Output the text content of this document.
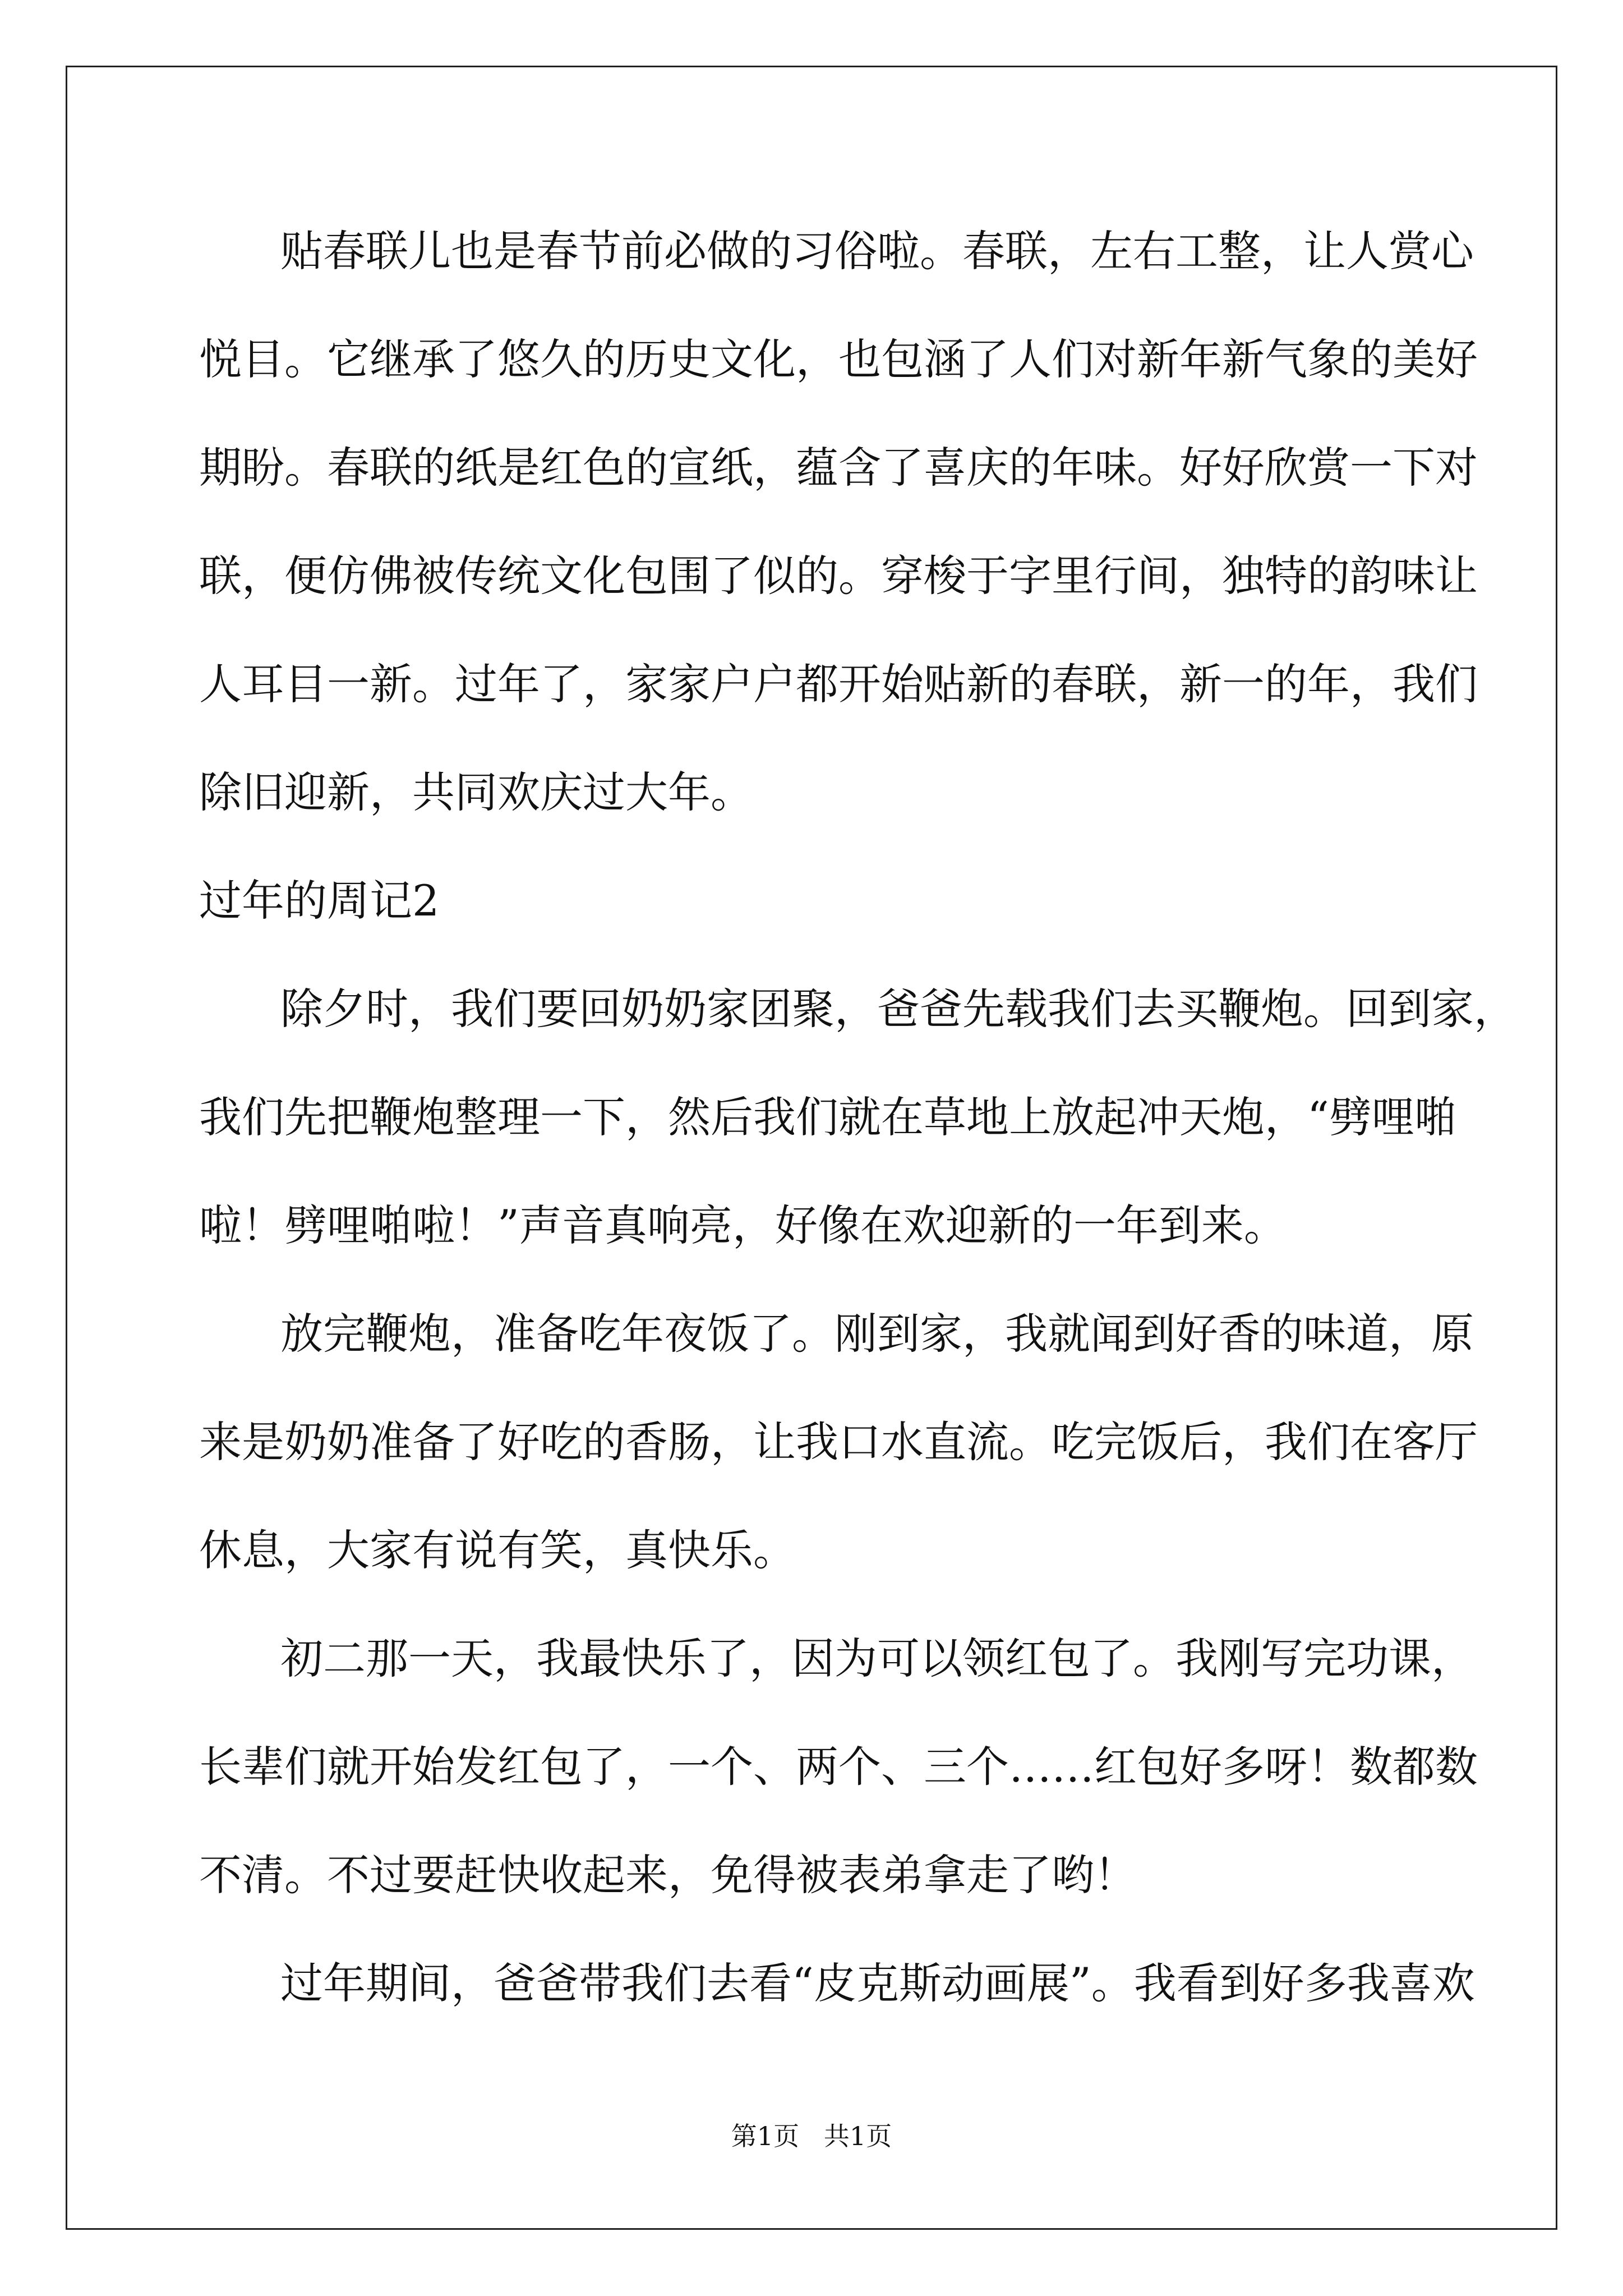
贴春联儿也是春节前必做的习俗啦。春联，左右工整，让人赏心
悦目。它继承了悠久的历史文化，也包涵了人们对新年新气象的美好
期盼。春联的纸是红色的宣纸，蕴含了喜庆的年味。好好欣赏一下对
联，便仿佛被传统文化包围了似的。穿梭于字里行间，独特的韵味让
人耳目一新。过年了，家家户户都开始贴新的春联，新一的年，我们
除旧迎新，共同欢庆过大年。
过年的周记2
除夕时，我们要回奶奶家团聚，爸爸先载我们去买鞭炮。回到家，
我们先把鞭炮整理一下，然后我们就在草地上放起冲天炮，“劈哩啪
啦！劈哩啪啦！”声音真响亮，好像在欢迎新的一年到来。
放完鞭炮，准备吃年夜饭了。刚到家，我就闻到好香的味道，原
来是奶奶准备了好吃的香肠，让我口水直流。吃完饭后，我们在客厅
休息，大家有说有笑，真快乐。
初二那一天，我最快乐了，因为可以领红包了。我刚写完功课，
长辈们就开始发红包了，一个、两个、三个……红包好多呀！数都数
不清。不过要赶快收起来，免得被表弟拿走了哟！
过年期间，爸爸带我们去看“皮克斯动画展”。我看到好多我喜欢
第1页   共1页
